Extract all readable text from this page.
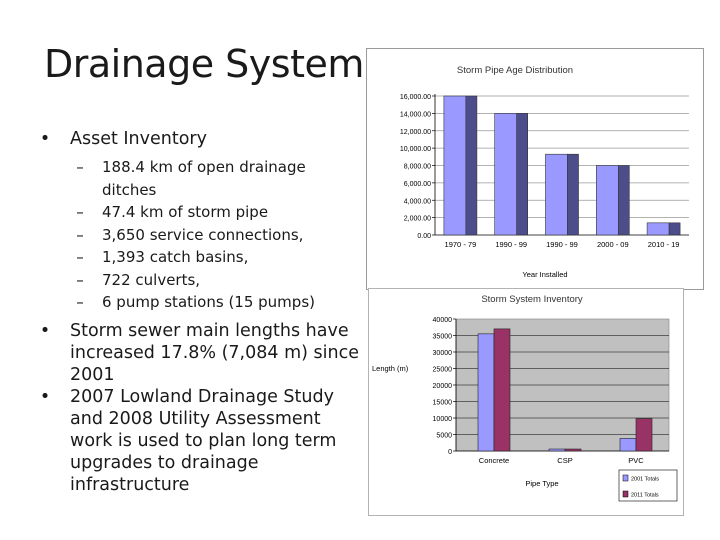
Drainage System
•	Asset Inventory
–	188.4 km of open drainage ditches
–	47.4 km of storm pipe
–	3,650 service connections,
–	1,393 catch basins,
–	722 culverts,
–	6 pump stations (15 pumps)
•	Storm sewer main lengths have increased 17.8% (7,084 m) since 2001
•	2007 Lowland Drainage Study and 2008 Utility Assessment work is used to plan long term upgrades to drainage infrastructure
Storm Pipe Age Distribution
0.00
2,000.00
4,000.00
6,000.00
8,000.00
10,000.00
12,000.00
14,000.00
16,000.00
1970 - 79	1990 - 99	1990 - 99	2000 - 09	2010 - 19
Year Installed
Storm System Inventory
0
5000
10000
15000
20000
25000
30000
35000
40000
Length (m)
Concrete	CSP	PVC
Pipe Type	2001 Totals
2011 Totals
